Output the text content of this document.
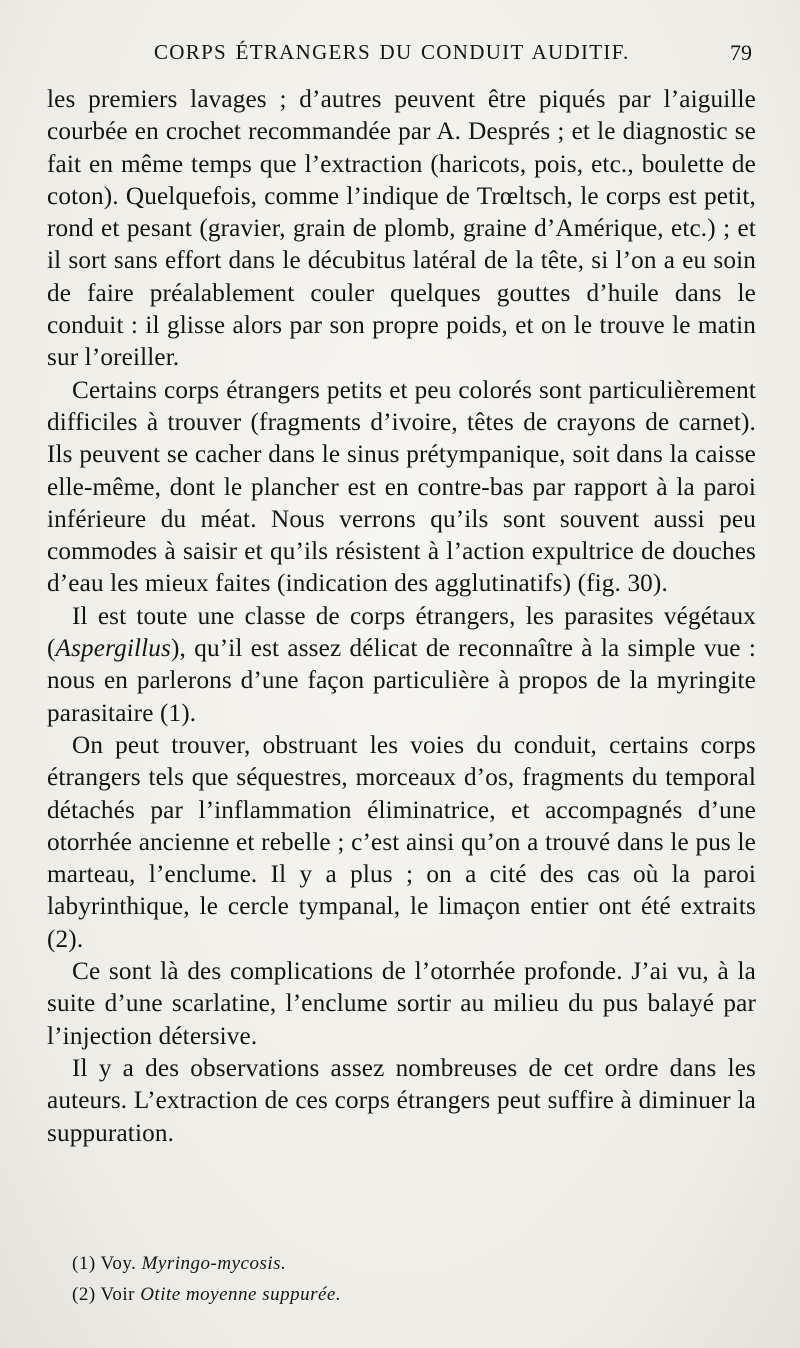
CORPS ÉTRANGERS DU CONDUIT AUDITIF.	79

les premiers lavages ; d’autres peuvent être piqués par l’aiguille courbée en crochet recommandée par A. Després ; et le diagnostic se fait en même temps que l’extraction (haricots, pois, etc., boulette de coton). Quelquefois, comme l’indique de Trœltsch, le corps est petit, rond et pesant (gravier, grain de plomb, graine d’Amérique, etc.) ; et il sort sans effort dans le décubitus latéral de la tête, si l’on a eu soin de faire préalablement couler quelques gouttes d’huile dans le conduit : il glisse alors par son propre poids, et on le trouve le matin sur l’oreiller.

Certains corps étrangers petits et peu colorés sont particulièrement difficiles à trouver (fragments d’ivoire, têtes de crayons de carnet). Ils peuvent se cacher dans le sinus prétympanique, soit dans la caisse elle-même, dont le plancher est en contre-bas par rapport à la paroi inférieure du méat. Nous verrons qu’ils sont souvent aussi peu commodes à saisir et qu’ils résistent à l’action expultrice de douches d’eau les mieux faites (indication des agglutinatifs) (fig. 30).

Il est toute une classe de corps étrangers, les parasites végétaux (Aspergillus), qu’il est assez délicat de reconnaître à la simple vue : nous en parlerons d’une façon particulière à propos de la myringite parasitaire (1).

On peut trouver, obstruant les voies du conduit, certains corps étrangers tels que séquestres, morceaux d’os, fragments du temporal détachés par l’inflammation éliminatrice, et accompagnés d’une otorrhée ancienne et rebelle ; c’est ainsi qu’on a trouvé dans le pus le marteau, l’enclume. Il y a plus ; on a cité des cas où la paroi labyrinthique, le cercle tympanal, le limaçon entier ont été extraits (2).

Ce sont là des complications de l’otorrhée profonde. J’ai vu, à la suite d’une scarlatine, l’enclume sortir au milieu du pus balayé par l’injection détersive.

Il y a des observations assez nombreuses de cet ordre dans les auteurs. L’extraction de ces corps étrangers peut suffire à diminuer la suppuration.

(1) Voy. Myringo-mycosis.
(2) Voir Otite moyenne suppurée.
